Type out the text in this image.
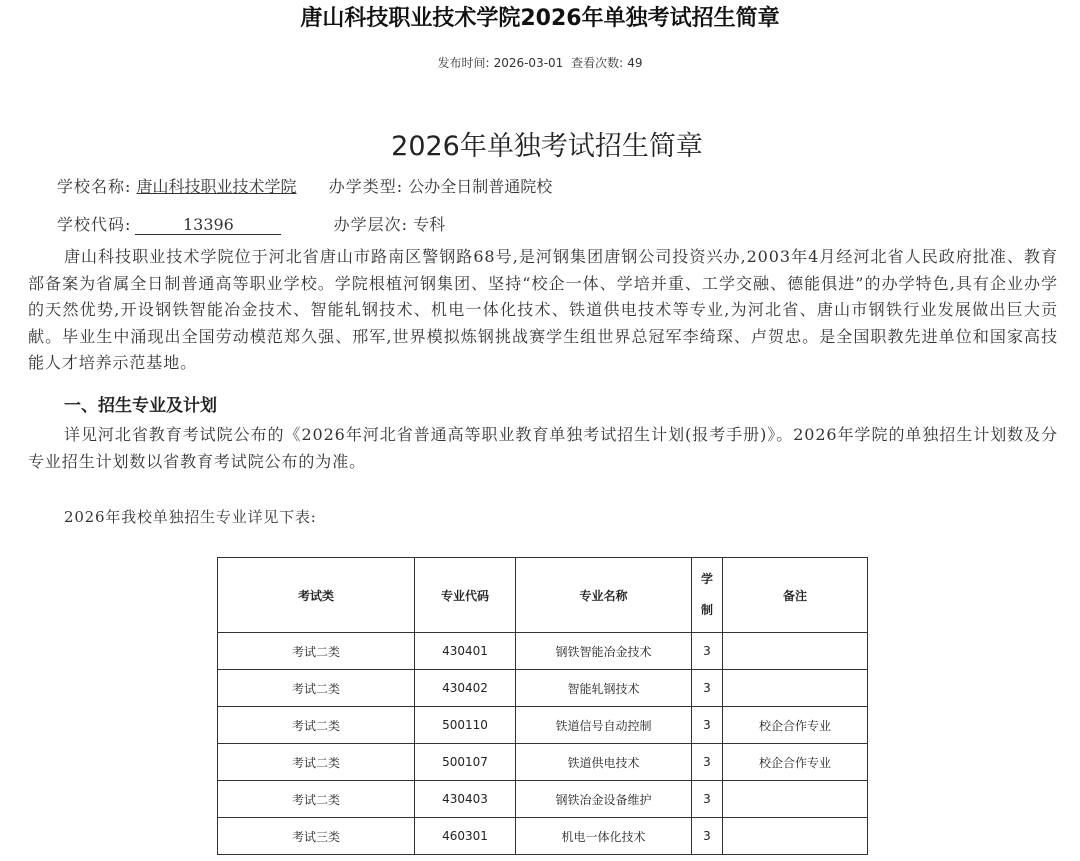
唐山科技职业技术学院2026年单独考试招生简章
发布时间: 2026-03-01 查看次数: 49
2026年单独考试招生简章
学校名称: 唐山科技职业技术学院 办学类型: 公办全日制普通院校
学校代码:	13396	办学层次: 专科
唐山科技职业技术学院位于河北省唐山市路南区警钢路68号,是河钢集团唐钢公司投资兴办,2003年4月经河北省人民政府批准、教育部备案为省属全日制普通高等职业学校。学院根植河钢集团、坚持“校企一体、学培并重、工学交融、德能俱进”的办学特色,具有企业办学的天然优势,开设钢铁智能冶金技术、智能轧钢技术、机电一体化技术、铁道供电技术等专业,为河北省、唐山市钢铁行业发展做出巨大贡献。毕业生中涌现出全国劳动模范郑久强、邢军,世界模拟炼钢挑战赛学生组世界总冠军李绮琛、卢贺忠。是全国职教先进单位和国家高技能人才培养示范基地。
一、招生专业及计划
详见河北省教育考试院公布的《2026年河北省普通高等职业教育单独考试招生计划(报考手册)》。2026年学院的单独招生计划数及分专业招生计划数以省教育考试院公布的为准。
2026年我校单独招生专业详见下表:
考试类	专业代码	专业名称	学制	备注
考试二类	430401	钢铁智能冶金技术	3	
考试二类	430402	智能轧钢技术	3	
考试二类	500110	铁道信号自动控制	3	校企合作专业
考试二类	500107	铁道供电技术	3	校企合作专业
考试二类	430403	钢铁冶金设备维护	3	
考试三类	460301	机电一体化技术	3	
